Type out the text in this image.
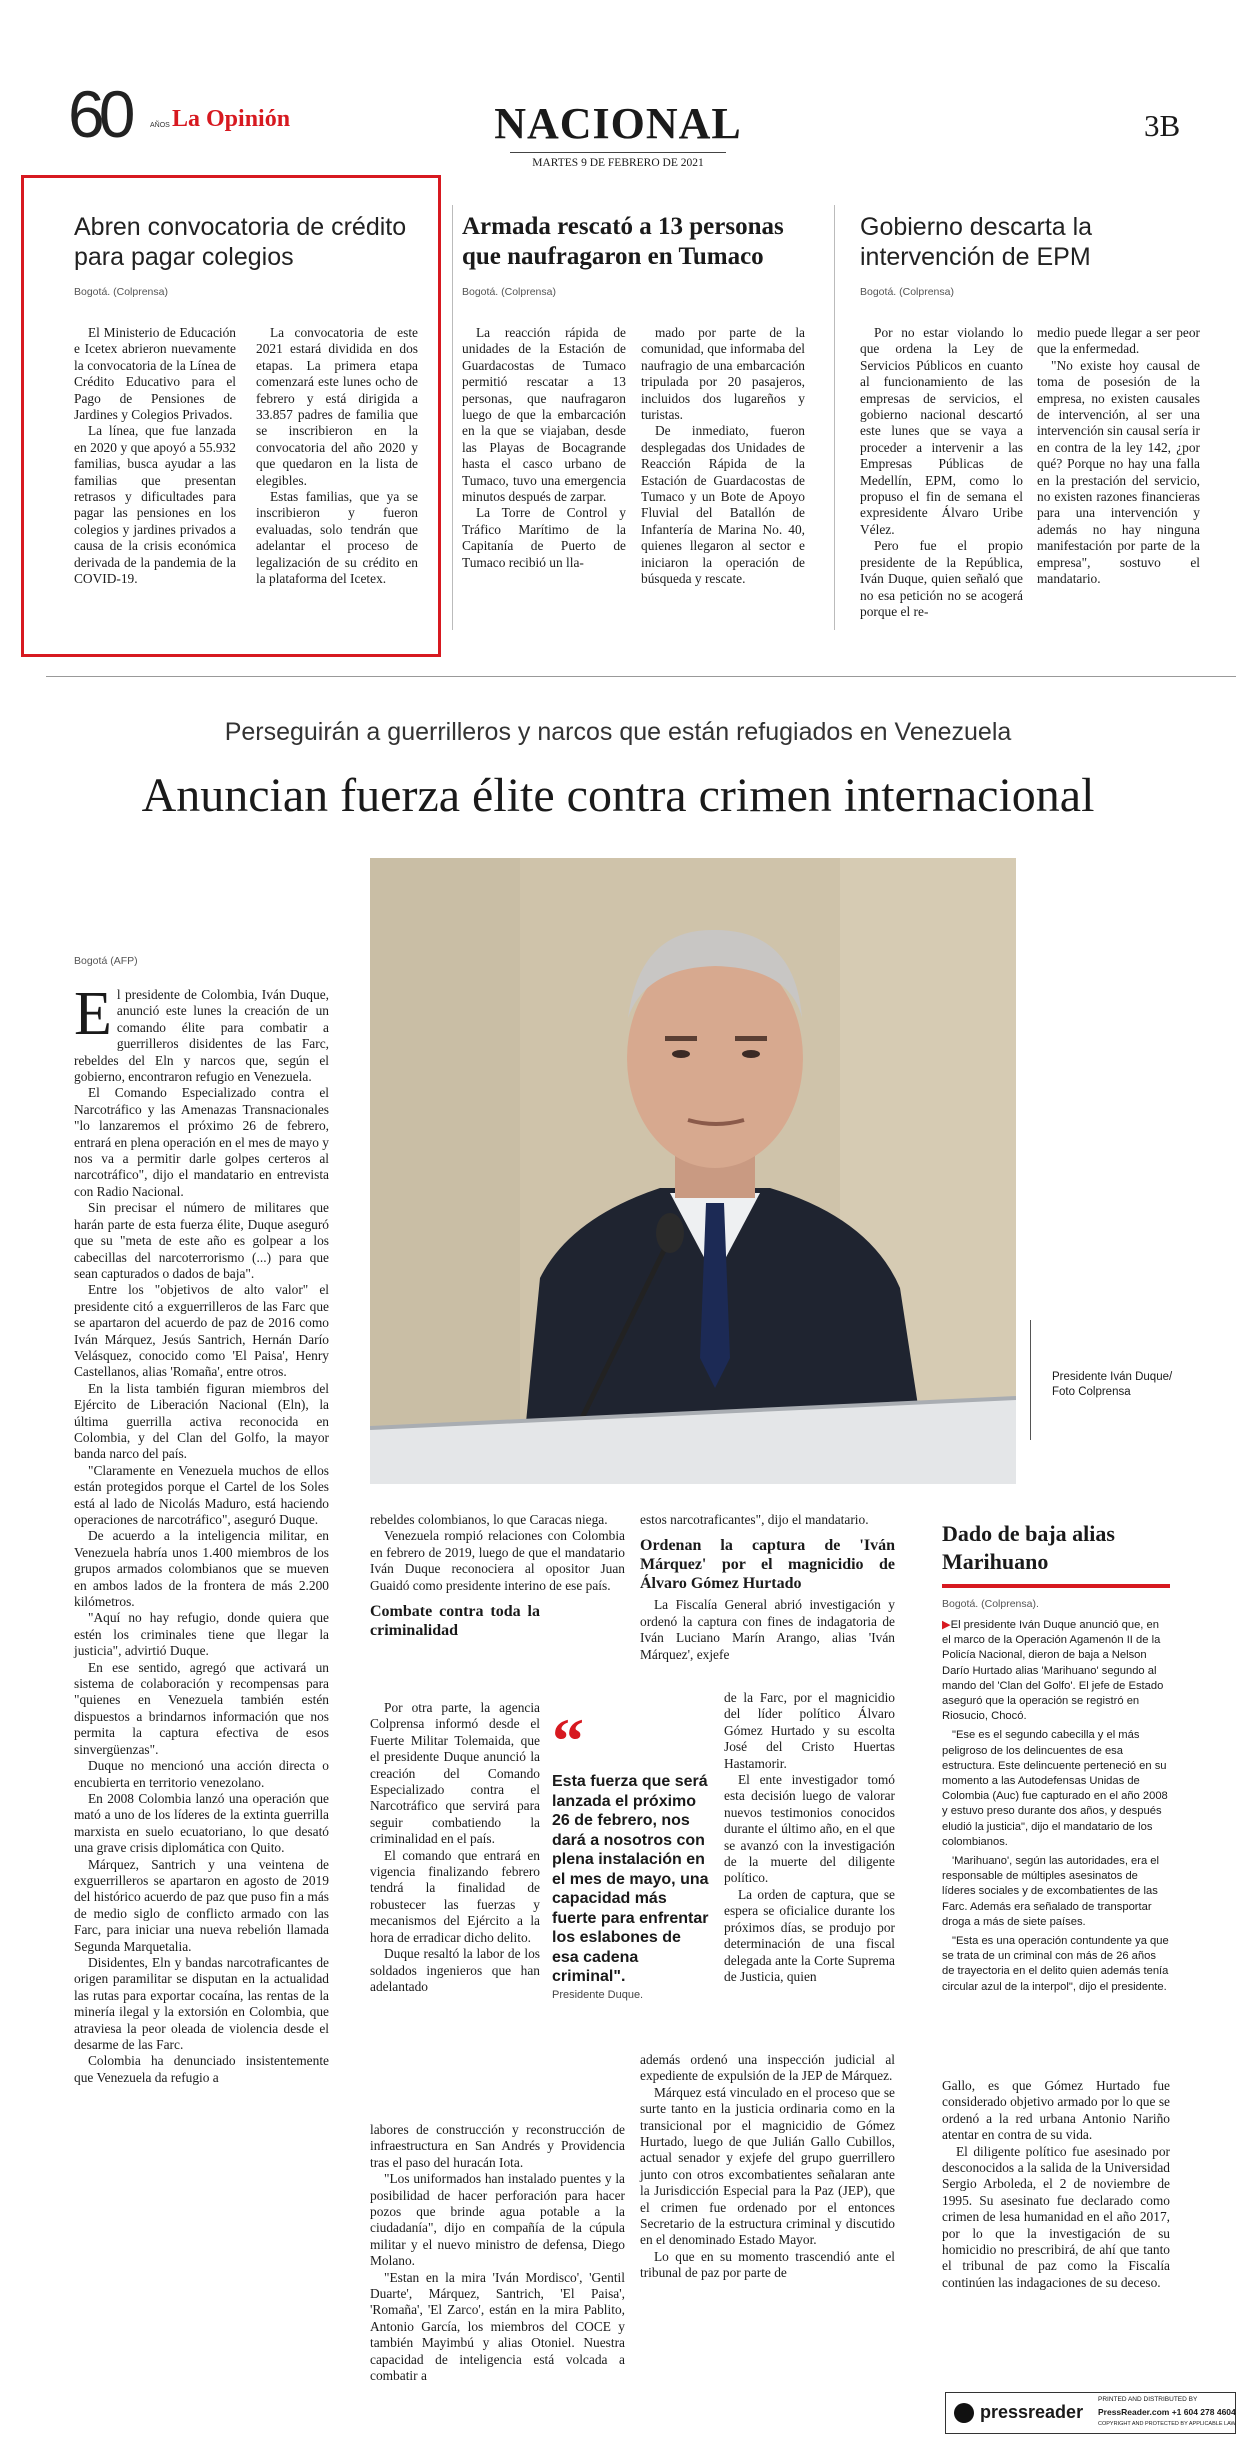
60	AÑOS La Opinión	NACIONAL
MARTES 9 DE FEBRERO DE 2021
3B
Abren convocatoria de crédito para pagar colegios
Bogotá. (Colprensa)

El Ministerio de Educación e Icetex abrieron nuevamente la convocatoria de la Línea de Crédito Educativo para el Pago de Pensiones de Jardines y Colegios Privados.

La línea, que fue lanzada en 2020 y que apoyó a 55.932 familias, busca ayudar a las familias que presentan retrasos y dificultades para pagar las pensiones en los colegios y jardines privados a causa de la crisis económica derivada de la pandemia de la COVID-19.

La convocatoria de este 2021 estará dividida en dos etapas. La primera etapa comenzará este lunes ocho de febrero y está dirigida a 33.857 padres de familia que se inscribieron en la convocatoria del año 2020 y que quedaron en la lista de elegibles.

Estas familias, que ya se inscribieron y fueron evaluadas, solo tendrán que adelantar el proceso de legalización de su crédito en la plataforma del Icetex.

Armada rescató a 13 personas que naufragaron en Tumaco
Bogotá. (Colprensa)

La reacción rápida de unidades de la Estación de Guardacostas de Tumaco permitió rescatar a 13 personas, que naufragaron luego de que la embarcación en la que se viajaban, desde las Playas de Bocagrande hasta el casco urbano de Tumaco, tuvo una emergencia minutos después de zarpar.

La Torre de Control y Tráfico Marítimo de la Capitanía de Puerto de Tumaco recibió un lla-

mado por parte de la comunidad, que informaba del naufragio de una embarcación tripulada por 20 pasajeros, incluidos dos lugareños y turistas.

De inmediato, fueron desplegadas dos Unidades de Reacción Rápida de la Estación de Guardacostas de Tumaco y un Bote de Apoyo Fluvial del Batallón de Infantería de Marina No. 40, quienes llegaron al sector e iniciaron la operación de búsqueda y rescate.

Gobierno descarta la intervención de EPM
Bogotá. (Colprensa)

Por no estar violando lo que ordena la Ley de Servicios Públicos en cuanto al funcionamiento de las empresas de servicios, el gobierno nacional descartó este lunes que se vaya a proceder a intervenir a las Empresas Públicas de Medellín, EPM, como lo propuso el fin de semana el expresidente Álvaro Uribe Vélez.

Pero fue el propio presidente de la República, Iván Duque, quien señaló que no esa petición no se acogerá porque el re-

medio puede llegar a ser peor que la enfermedad.

"No existe hoy causal de toma de posesión de la empresa, no existen causales de intervención, al ser una intervención sin causal sería ir en contra de la ley 142, ¿por qué? Porque no hay una falla en la prestación del servicio, no existen razones financieras para una intervención y además no hay ninguna manifestación por parte de la empresa", sostuvo el mandatario.

Perseguirán a guerrilleros y narcos que están refugiados en Venezuela
Anuncian fuerza élite contra crimen internacional
Presidente Iván Duque/ Foto Colprensa
Bogotá (AFP)

El presidente de Colombia, Iván Duque, anunció este lunes la creación de un comando élite para combatir a guerrilleros disidentes de las Farc, rebeldes del Eln y narcos que, según el gobierno, encontraron refugio en Venezuela.

El Comando Especializado contra el Narcotráfico y las Amenazas Transnacionales "lo lanzaremos el próximo 26 de febrero, entrará en plena operación en el mes de mayo y nos va a permitir darle golpes certeros al narcotráfico", dijo el mandatario en entrevista con Radio Nacional.

Sin precisar el número de militares que harán parte de esta fuerza élite, Duque aseguró que su "meta de este año es golpear a los cabecillas del narcoterrorismo (...) para que sean capturados o dados de baja".

Entre los "objetivos de alto valor" el presidente citó a exguerrilleros de las Farc que se apartaron del acuerdo de paz de 2016 como Iván Márquez, Jesús Santrich, Hernán Darío Velásquez, conocido como 'El Paisa', Henry Castellanos, alias 'Romaña', entre otros.

En la lista también figuran miembros del Ejército de Liberación Nacional (Eln), la última guerrilla activa reconocida en Colombia, y del Clan del Golfo, la mayor banda narco del país.

"Claramente en Venezuela muchos de ellos están protegidos porque el Cartel de los Soles está al lado de Nicolás Maduro, está haciendo operaciones de narcotráfico", aseguró Duque.

De acuerdo a la inteligencia militar, en Venezuela habría unos 1.400 miembros de los grupos armados colombianos que se mueven en ambos lados de la frontera de más 2.200 kilómetros.

"Aquí no hay refugio, donde quiera que estén los criminales tiene que llegar la justicia", advirtió Duque.

En ese sentido, agregó que activará un sistema de colaboración y recompensas para "quienes en Venezuela también estén dispuestos a brindarnos información que nos permita la captura efectiva de esos sinvergüenzas".

Duque no mencionó una acción directa o encubierta en territorio venezolano.

En 2008 Colombia lanzó una operación que mató a uno de los líderes de la extinta guerrilla marxista en suelo ecuatoriano, lo que desató una grave crisis diplomática con Quito.

Márquez, Santrich y una veintena de exguerrilleros se apartaron en agosto de 2019 del histórico acuerdo de paz que puso fin a más de medio siglo de conflicto armado con las Farc, para iniciar una nueva rebelión llamada Segunda Marquetalia.

Disidentes, Eln y bandas narcotraficantes de origen paramilitar se disputan en la actualidad las rutas para exportar cocaína, las rentas de la minería ilegal y la extorsión en Colombia, que atraviesa la peor oleada de violencia desde el desarme de las Farc.

Colombia ha denunciado insistentemente que Venezuela da refugio a

rebeldes colombianos, lo que Caracas niega.

Venezuela rompió relaciones con Colombia en febrero de 2019, luego de que el mandatario Iván Duque reconociera al opositor Juan Guaidó como presidente interino de ese país.

Combate contra toda la criminalidad

Por otra parte, la agencia Colprensa informó desde el Fuerte Militar Tolemaida, que el presidente Duque anunció la creación del Comando Especializado contra el Narcotráfico que servirá para seguir combatiendo la criminalidad en el país.

El comando que entrará en vigencia finalizando febrero tendrá la finalidad de robustecer las fuerzas y mecanismos del Ejército a la hora de erradicar dicho delito.

Duque resaltó la labor de los soldados ingenieros que han adelantado

labores de construcción y reconstrucción de infraestructura en San Andrés y Providencia tras el paso del huracán Iota.

"Los uniformados han instalado puentes y la posibilidad de hacer perforación para hacer pozos que brinde agua potable a la ciudadanía", dijo en compañía de la cúpula militar y el nuevo ministro de defensa, Diego Molano.

"Estan en la mira 'Iván Mordisco', 'Gentil Duarte', Márquez, Santrich, 'El Paisa', 'Romaña', 'El Zarco', están en la mira Pablito, Antonio García, los miembros del COCE y también Mayimbú y alias Otoniel. Nuestra capacidad de inteligencia está volcada a combatir a

“
Esta fuerza que será lanzada el próximo 26 de febrero, nos dará a nosotros con plena instalación en el mes de mayo, una capacidad más fuerte para enfrentar los eslabones de esa cadena criminal".
Presidente Duque.

estos narcotraficantes", dijo el mandatario.

Ordenan la captura de 'Iván Márquez' por el magnicidio de Álvaro Gómez Hurtado

La Fiscalía General abrió investigación y ordenó la captura con fines de indagatoria de Iván Luciano Marín Arango, alias 'Iván Márquez', exjefe

de la Farc, por el magnicidio del líder político Álvaro Gómez Hurtado y su escolta José del Cristo Huertas Hastamorir.

El ente investigador tomó esta decisión luego de valorar nuevos testimonios conocidos durante el último año, en el que se avanzó con la investigación de la muerte del diligente político.

La orden de captura, que se espera se oficialice durante los próximos días, se produjo por determinación de una fiscal delegada ante la Corte Suprema de Justicia, quien

además ordenó una inspección judicial al expediente de expulsión de la JEP de Márquez.

Márquez está vinculado en el proceso que se surte tanto en la justicia ordinaria como en la transicional por el magnicidio de Gómez Hurtado, luego de que Julián Gallo Cubillos, actual senador y exjefe del grupo guerrillero junto con otros excombatientes señalaran ante la Jurisdicción Especial para la Paz (JEP), que el crimen fue ordenado por el entonces Secretario de la estructura criminal y discutido en el denominado Estado Mayor.

Lo que en su momento trascendió ante el tribunal de paz por parte de

Dado de baja alias Marihuano
Bogotá. (Colprensa).

▶El presidente Iván Duque anunció que, en el marco de la Operación Agamenón II de la Policía Nacional, dieron de baja a Nelson Darío Hurtado alias 'Marihuano' segundo al mando del 'Clan del Golfo'. El jefe de Estado aseguró que la operación se registró en Riosucio, Chocó.

"Ese es el segundo cabecilla y el más peligroso de los delincuentes de esa estructura. Este delincuente perteneció en su momento a las Autodefensas Unidas de Colombia (Auc) fue capturado en el año 2008 y estuvo preso durante dos años, y después eludió la justicia", dijo el mandatario de los colombianos.

'Marihuano', según las autoridades, era el responsable de múltiples asesinatos de líderes sociales y de excombatientes de las Farc. Además era señalado de transportar droga a más de siete países.

"Esta es una operación contundente ya que se trata de un criminal con más de 26 años de trayectoria en el delito quien además tenía circular azul de la interpol", dijo el presidente.

Gallo, es que Gómez Hurtado fue considerado objetivo armado por lo que se ordenó a la red urbana Antonio Nariño atentar en contra de su vida.

El diligente político fue asesinado por desconocidos a la salida de la Universidad Sergio Arboleda, el 2 de noviembre de 1995. Su asesinato fue declarado como crimen de lesa humanidad en el año 2017, por lo que la investigación de su homicidio no prescribirá, de ahí que tanto el tribunal de paz como la Fiscalía continúen las indagaciones de su deceso.

pressreader
PRINTED AND DISTRIBUTED BY
PressReader.com +1 604 278 4604
COPYRIGHT AND PROTECTED BY APPLICABLE LAW
